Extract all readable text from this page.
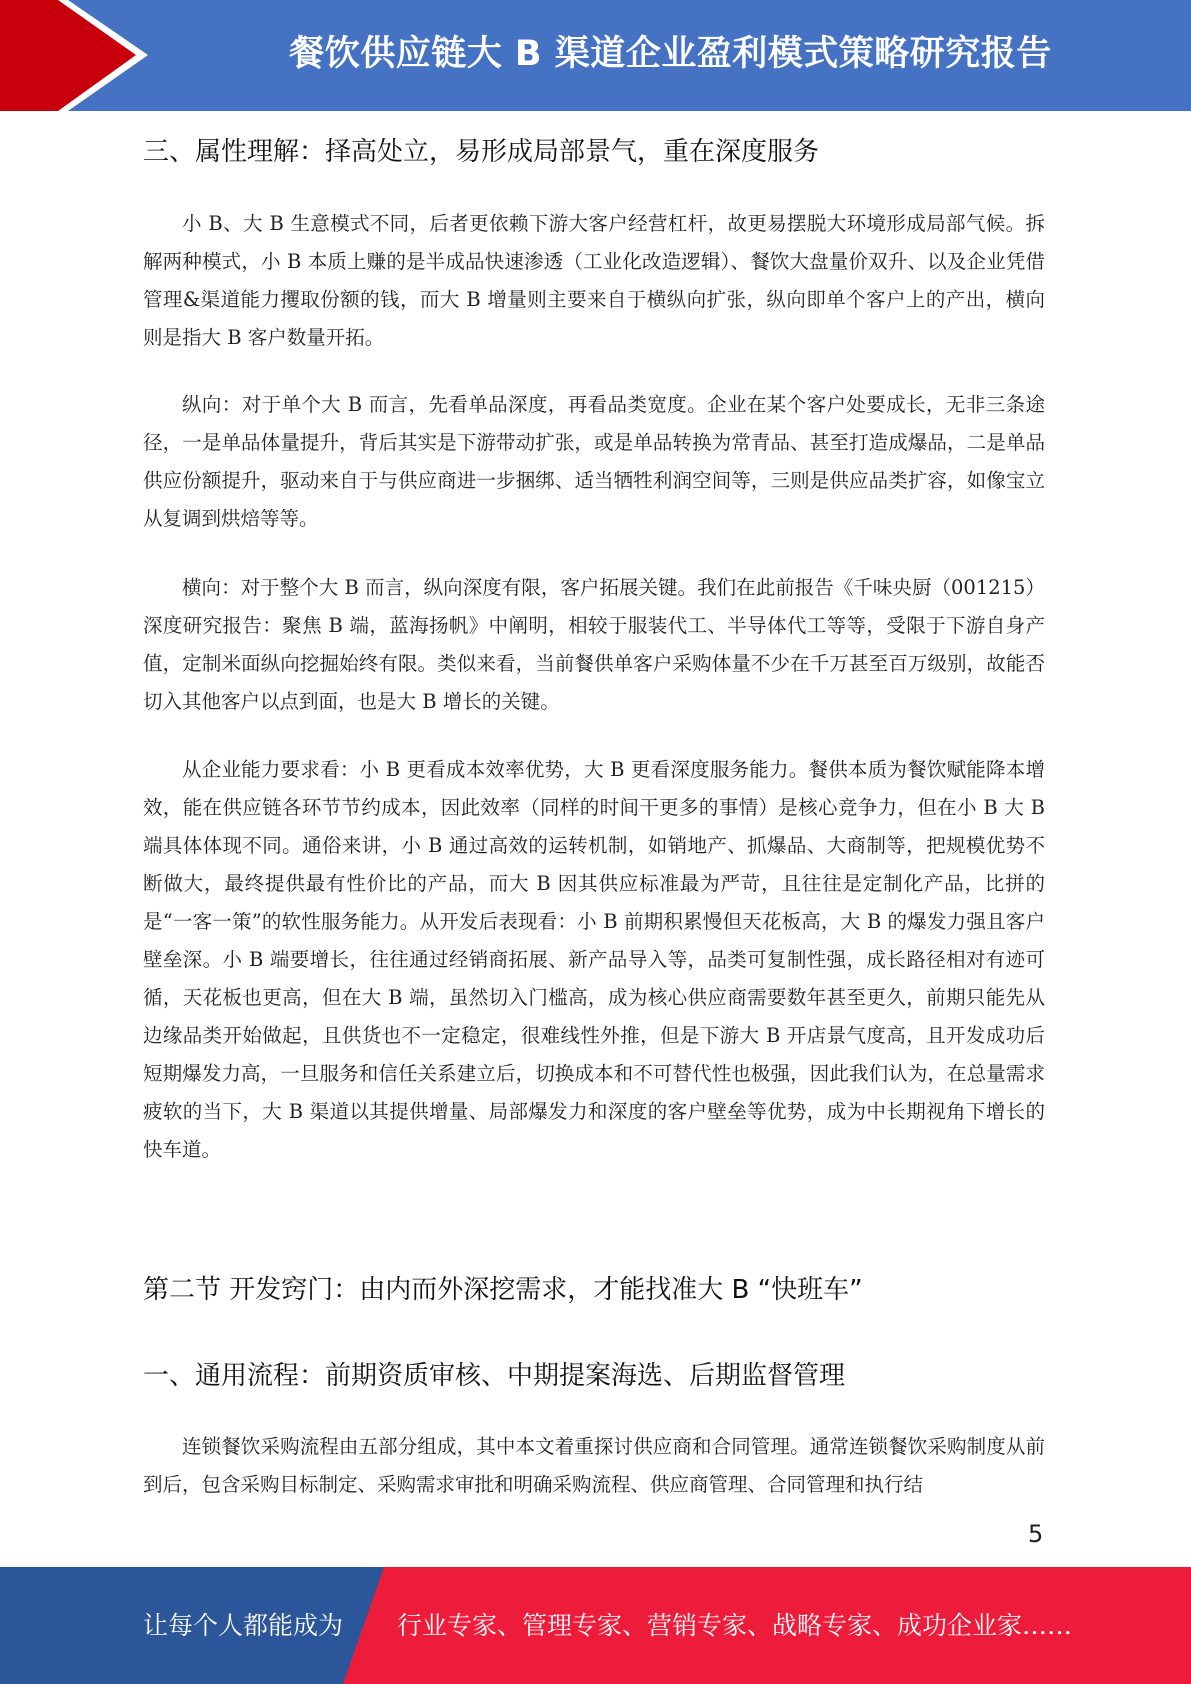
餐饮供应链大 B 渠道企业盈利模式策略研究报告
三、属性理解：择高处立，易形成局部景气，重在深度服务

小 B、大 B 生意模式不同，后者更依赖下游大客户经营杠杆，故更易摆脱大环境形成局部气候。拆解两种模式，小 B 本质上赚的是半成品快速渗透（工业化改造逻辑）、餐饮大盘量价双升、以及企业凭借管理&渠道能力攫取份额的钱，而大 B 增量则主要来自于横纵向扩张，纵向即单个客户上的产出，横向则是指大 B 客户数量开拓。

纵向：对于单个大 B 而言，先看单品深度，再看品类宽度。企业在某个客户处要成长，无非三条途径，一是单品体量提升，背后其实是下游带动扩张，或是单品转换为常青品、甚至打造成爆品，二是单品供应份额提升，驱动来自于与供应商进一步捆绑、适当牺牲利润空间等，三则是供应品类扩容，如像宝立从复调到烘焙等等。

横向：对于整个大 B 而言，纵向深度有限，客户拓展关键。我们在此前报告《千味央厨（001215）深度研究报告：聚焦 B 端，蓝海扬帆》中阐明，相较于服装代工、半导体代工等等，受限于下游自身产值，定制米面纵向挖掘始终有限。类似来看，当前餐供单客户采购体量不少在千万甚至百万级别，故能否切入其他客户以点到面，也是大 B 增长的关键。

从企业能力要求看：小 B 更看成本效率优势，大 B 更看深度服务能力。餐供本质为餐饮赋能降本增效，能在供应链各环节节约成本，因此效率（同样的时间干更多的事情）是核心竞争力，但在小 B 大 B 端具体体现不同。通俗来讲，小 B 通过高效的运转机制，如销地产、抓爆品、大商制等，把规模优势不断做大，最终提供最有性价比的产品，而大 B 因其供应标准最为严苛，且往往是定制化产品，比拼的是“一客一策”的软性服务能力。从开发后表现看：小 B 前期积累慢但天花板高，大 B 的爆发力强且客户壁垒深。小 B 端要增长，往往通过经销商拓展、新产品导入等，品类可复制性强，成长路径相对有迹可循，天花板也更高，但在大 B 端，虽然切入门槛高，成为核心供应商需要数年甚至更久，前期只能先从边缘品类开始做起，且供货也不一定稳定，很难线性外推，但是下游大 B 开店景气度高，且开发成功后短期爆发力高，一旦服务和信任关系建立后，切换成本和不可替代性也极强，因此我们认为，在总量需求疲软的当下，大 B 渠道以其提供增量、局部爆发力和深度的客户壁垒等优势，成为中长期视角下增长的快车道。

第二节 开发窍门：由内而外深挖需求，才能找准大 B “快班车”
一、通用流程：前期资质审核、中期提案海选、后期监督管理

连锁餐饮采购流程由五部分组成，其中本文着重探讨供应商和合同管理。通常连锁餐饮采购制度从前到后，包含采购目标制定、采购需求审批和明确采购流程、供应商管理、合同管理和执行结

5
让每个人都能成为 行业专家、管理专家、营销专家、战略专家、成功企业家……
